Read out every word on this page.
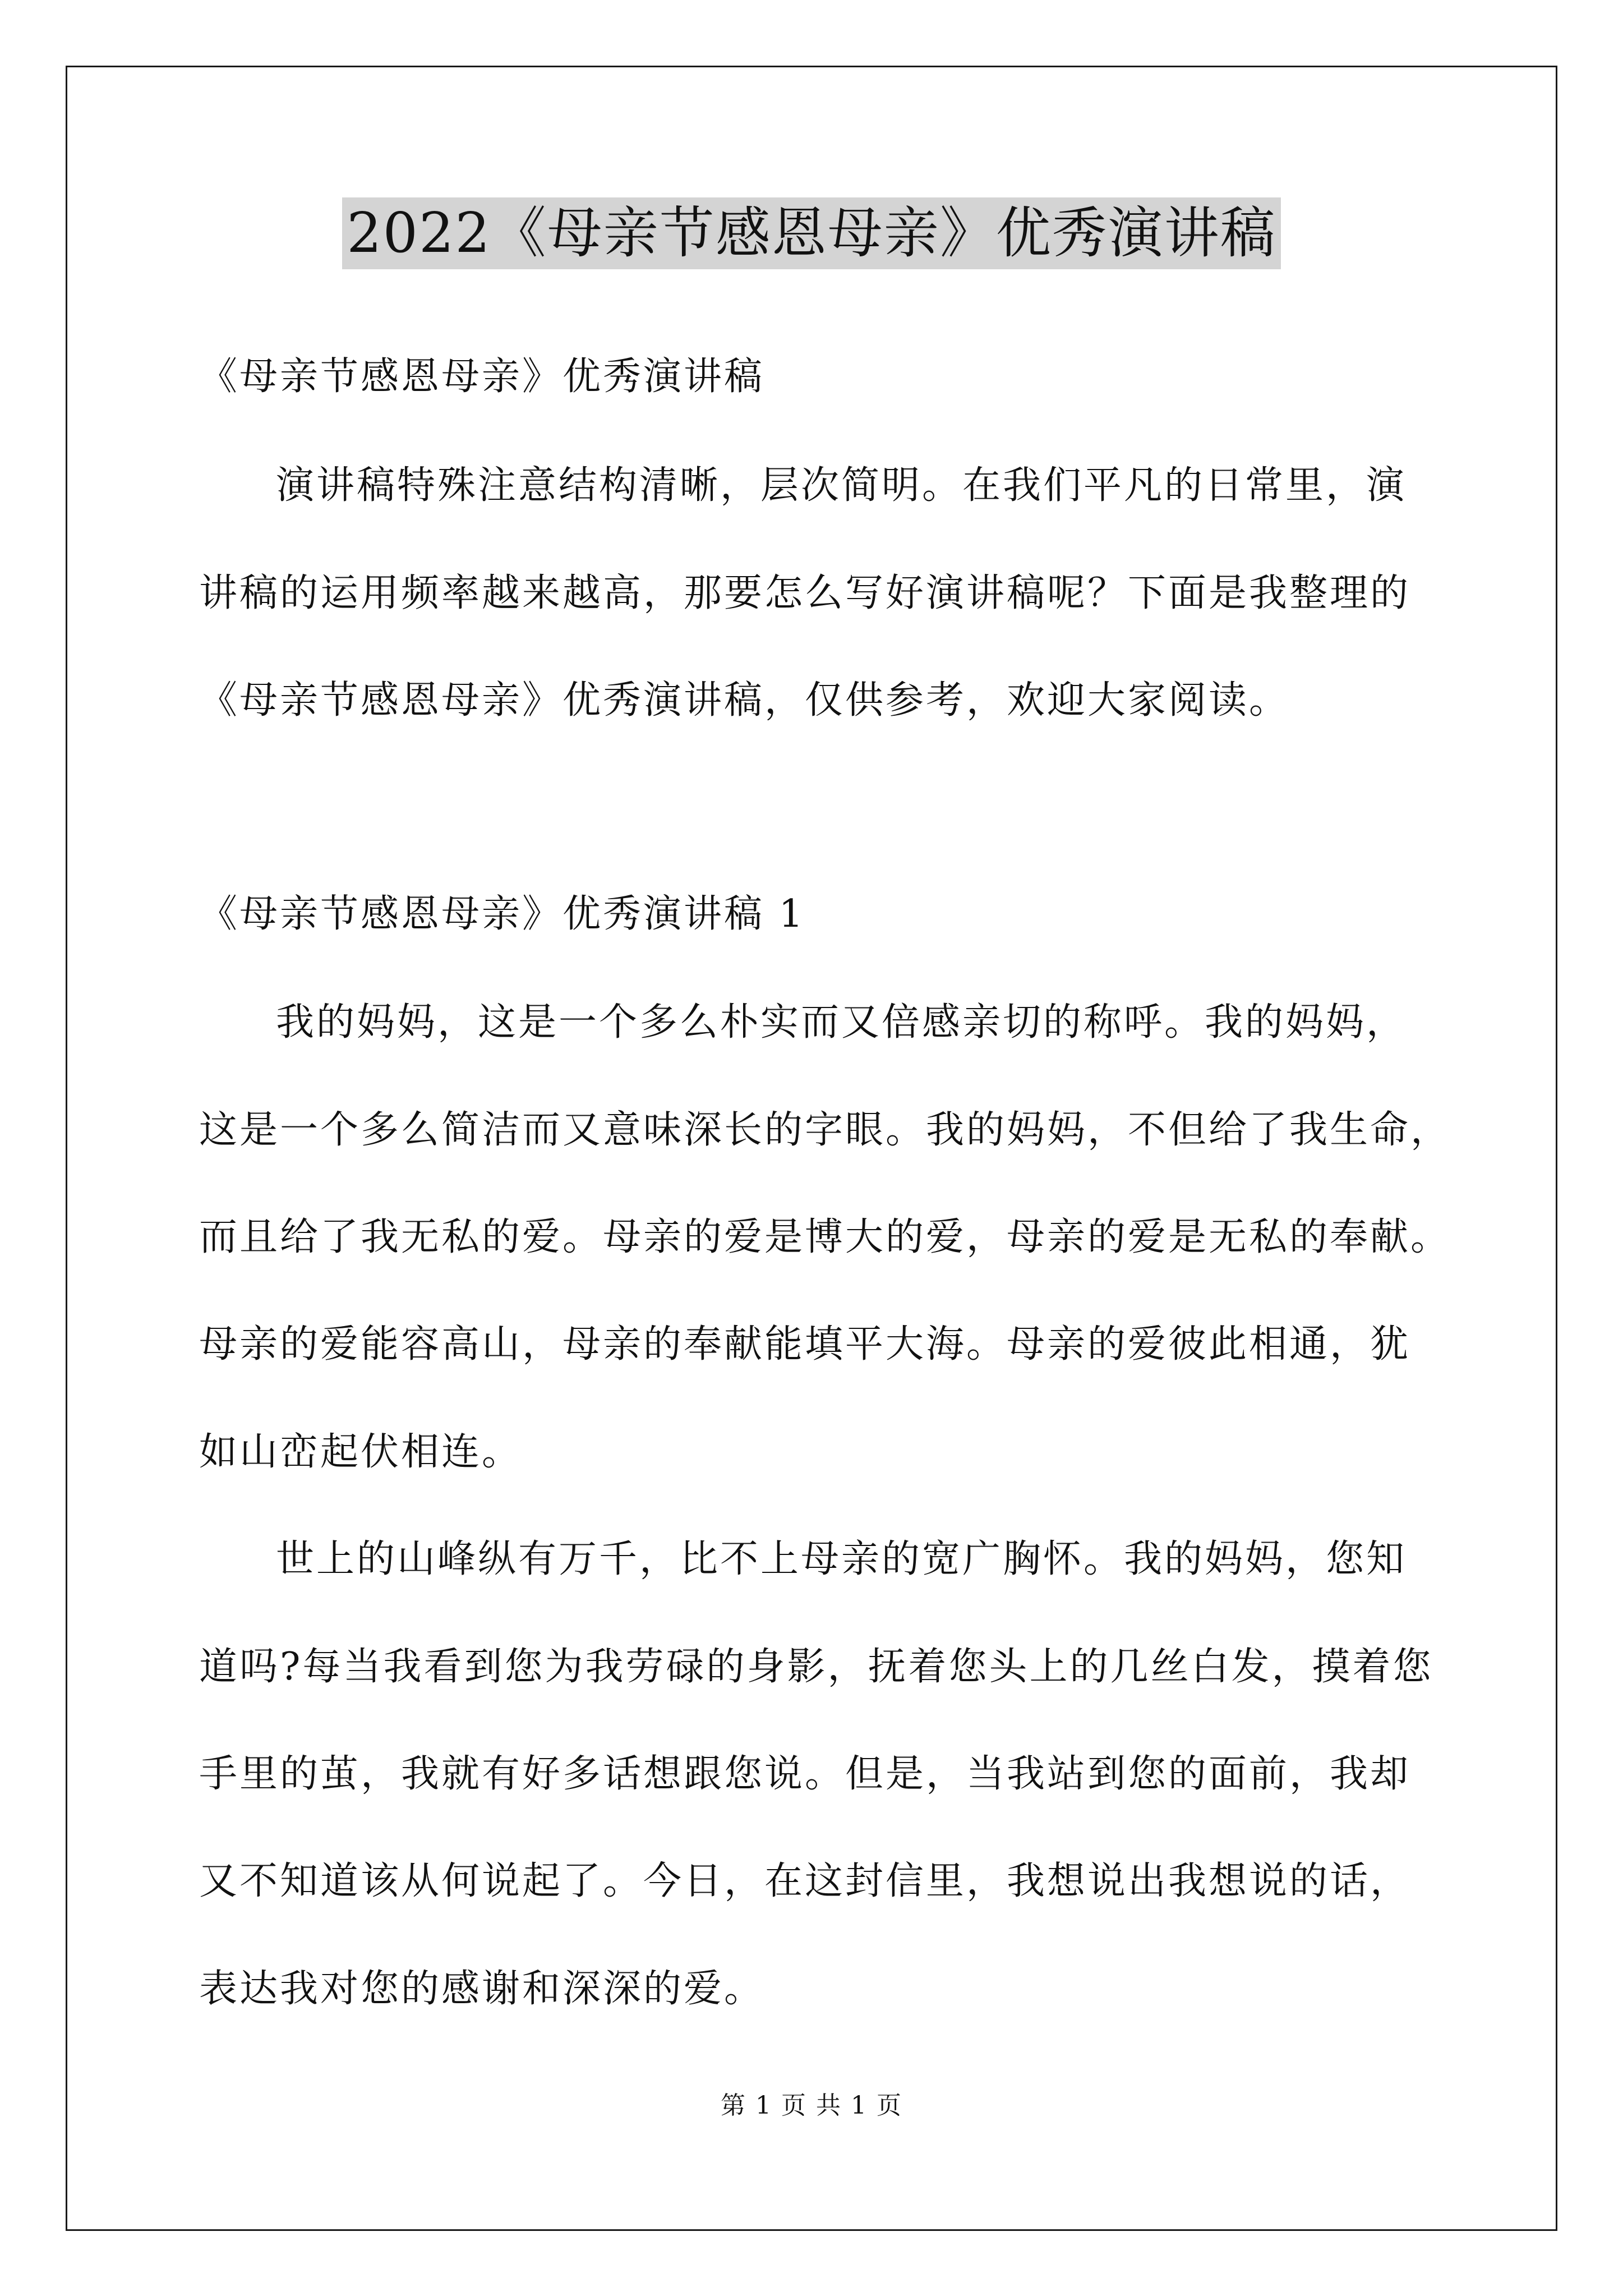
2022《母亲节感恩母亲》优秀演讲稿
《母亲节感恩母亲》优秀演讲稿
演讲稿特殊注意结构清晰，层次简明。在我们平凡的日常里，演
讲稿的运用频率越来越高，那要怎么写好演讲稿呢？下面是我整理的
《母亲节感恩母亲》优秀演讲稿，仅供参考，欢迎大家阅读。
《母亲节感恩母亲》优秀演讲稿 1
我的妈妈，这是一个多么朴实而又倍感亲切的称呼。我的妈妈，
这是一个多么简洁而又意味深长的字眼。我的妈妈，不但给了我生命，
而且给了我无私的爱。母亲的爱是博大的爱，母亲的爱是无私的奉献。
母亲的爱能容高山，母亲的奉献能填平大海。母亲的爱彼此相通，犹
如山峦起伏相连。
世上的山峰纵有万千，比不上母亲的宽广胸怀。我的妈妈，您知
道吗?每当我看到您为我劳碌的身影，抚着您头上的几丝白发，摸着您
手里的茧，我就有好多话想跟您说。但是，当我站到您的面前，我却
又不知道该从何说起了。今日，在这封信里，我想说出我想说的话，
表达我对您的感谢和深深的爱。
第 1 页 共 1 页
